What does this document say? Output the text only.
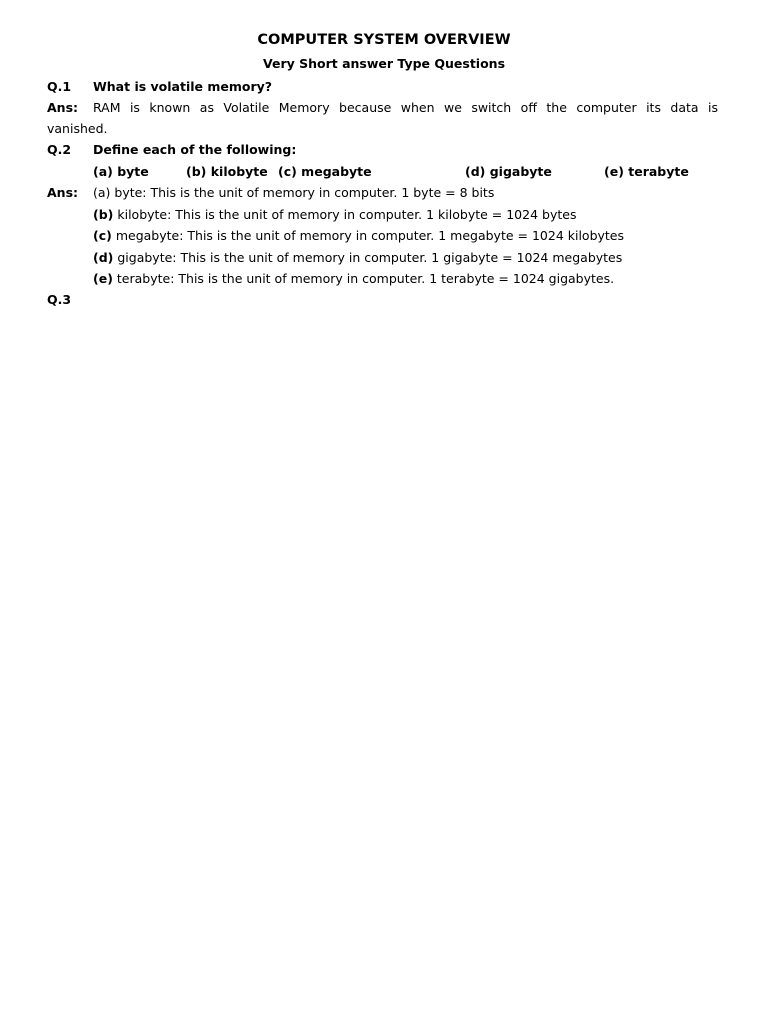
COMPUTER SYSTEM OVERVIEW
Very Short answer Type Questions
Q.1 What is volatile memory?
Ans: RAM is known as Volatile Memory because when we switch off the computer its data is
vanished.
Q.2 Define each of the following:
(a) byte	(b) kilobyte (c) megabyte	(d) gigabyte	(e) terabyte
Ans: (a) byte: This is the unit of memory in computer. 1 byte = 8 bits
(b) kilobyte: This is the unit of memory in computer. 1 kilobyte = 1024 bytes
(c) megabyte: This is the unit of memory in computer. 1 megabyte = 1024 kilobytes
(d) gigabyte: This is the unit of memory in computer. 1 gigabyte = 1024 megabytes
(e) terabyte: This is the unit of memory in computer. 1 terabyte = 1024 gigabytes.
Q.3
